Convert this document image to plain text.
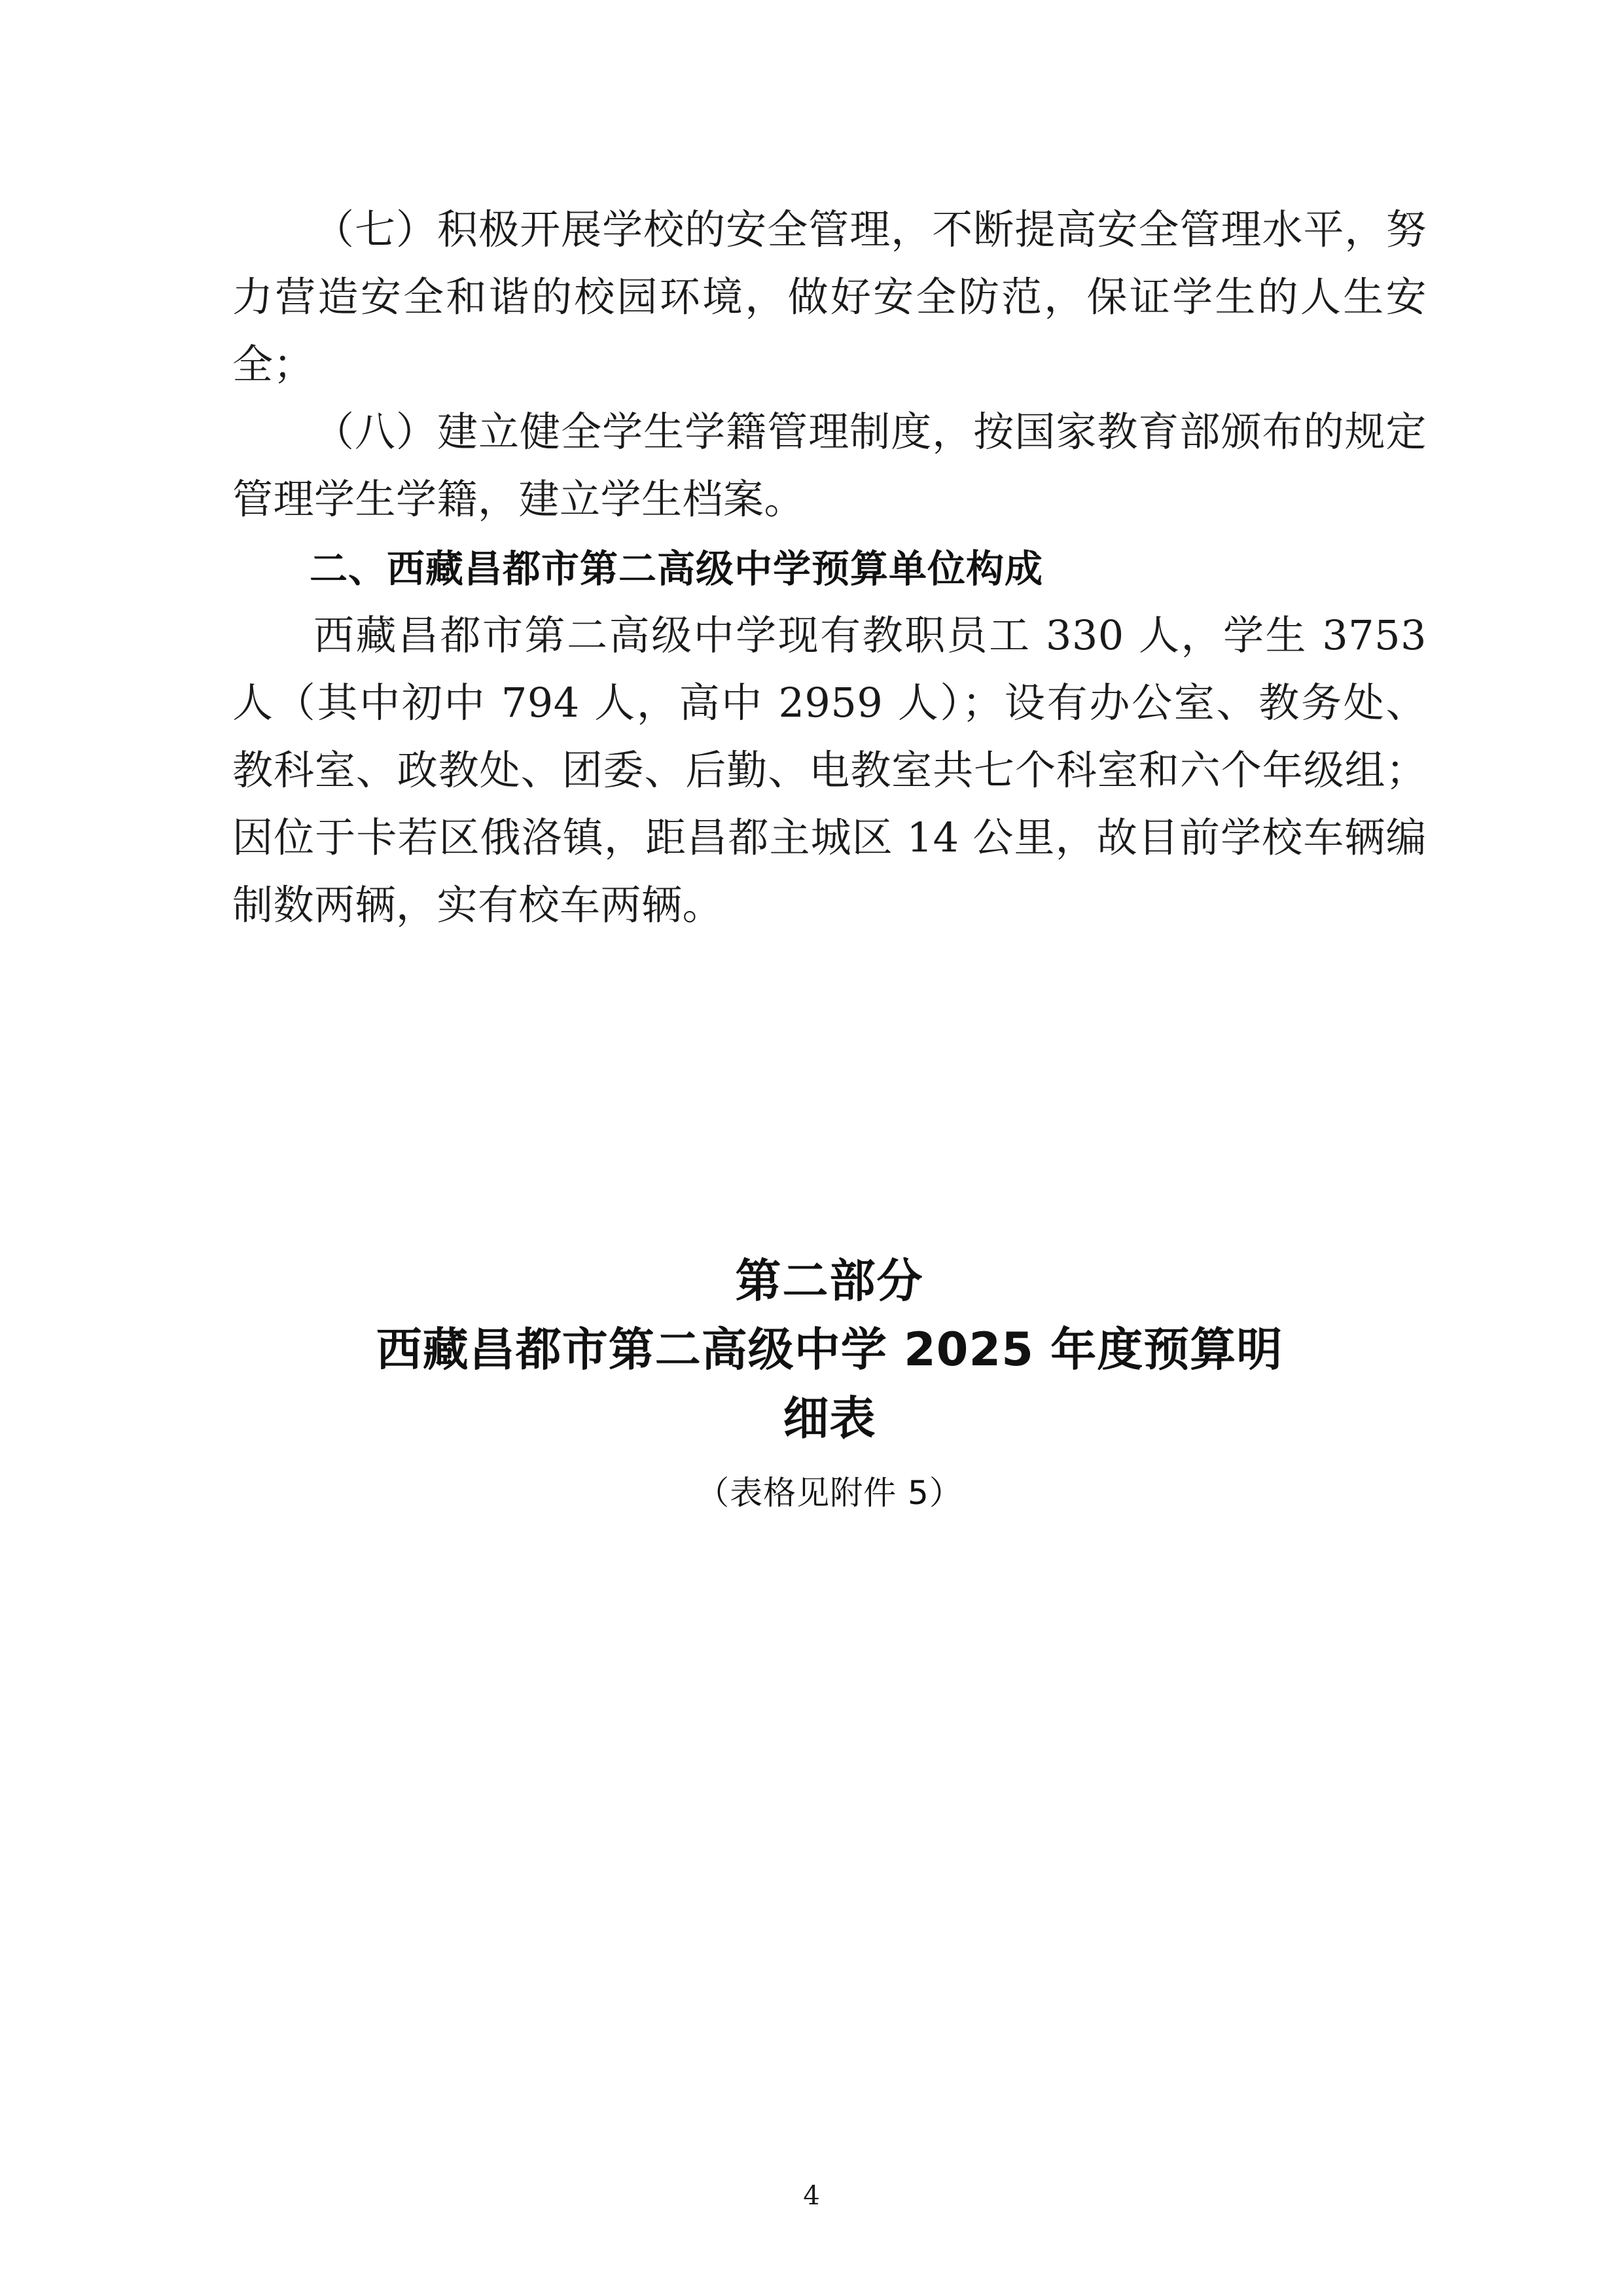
（七）积极开展学校的安全管理，不断提高安全管理水平，努力营造安全和谐的校园环境，做好安全防范，保证学生的人生安全；

（八）建立健全学生学籍管理制度，按国家教育部颁布的规定管理学生学籍，建立学生档案。

二、西藏昌都市第二高级中学预算单位构成

西藏昌都市第二高级中学现有教职员工 330 人，学生 3753 人（其中初中 794 人，高中 2959 人）；设有办公室、教务处、教科室、政教处、团委、后勤、电教室共七个科室和六个年级组；因位于卡若区俄洛镇，距昌都主城区 14 公里，故目前学校车辆编制数两辆，实有校车两辆。

第二部分
西藏昌都市第二高级中学 2025 年度预算明
细表
（表格见附件 5）
4
